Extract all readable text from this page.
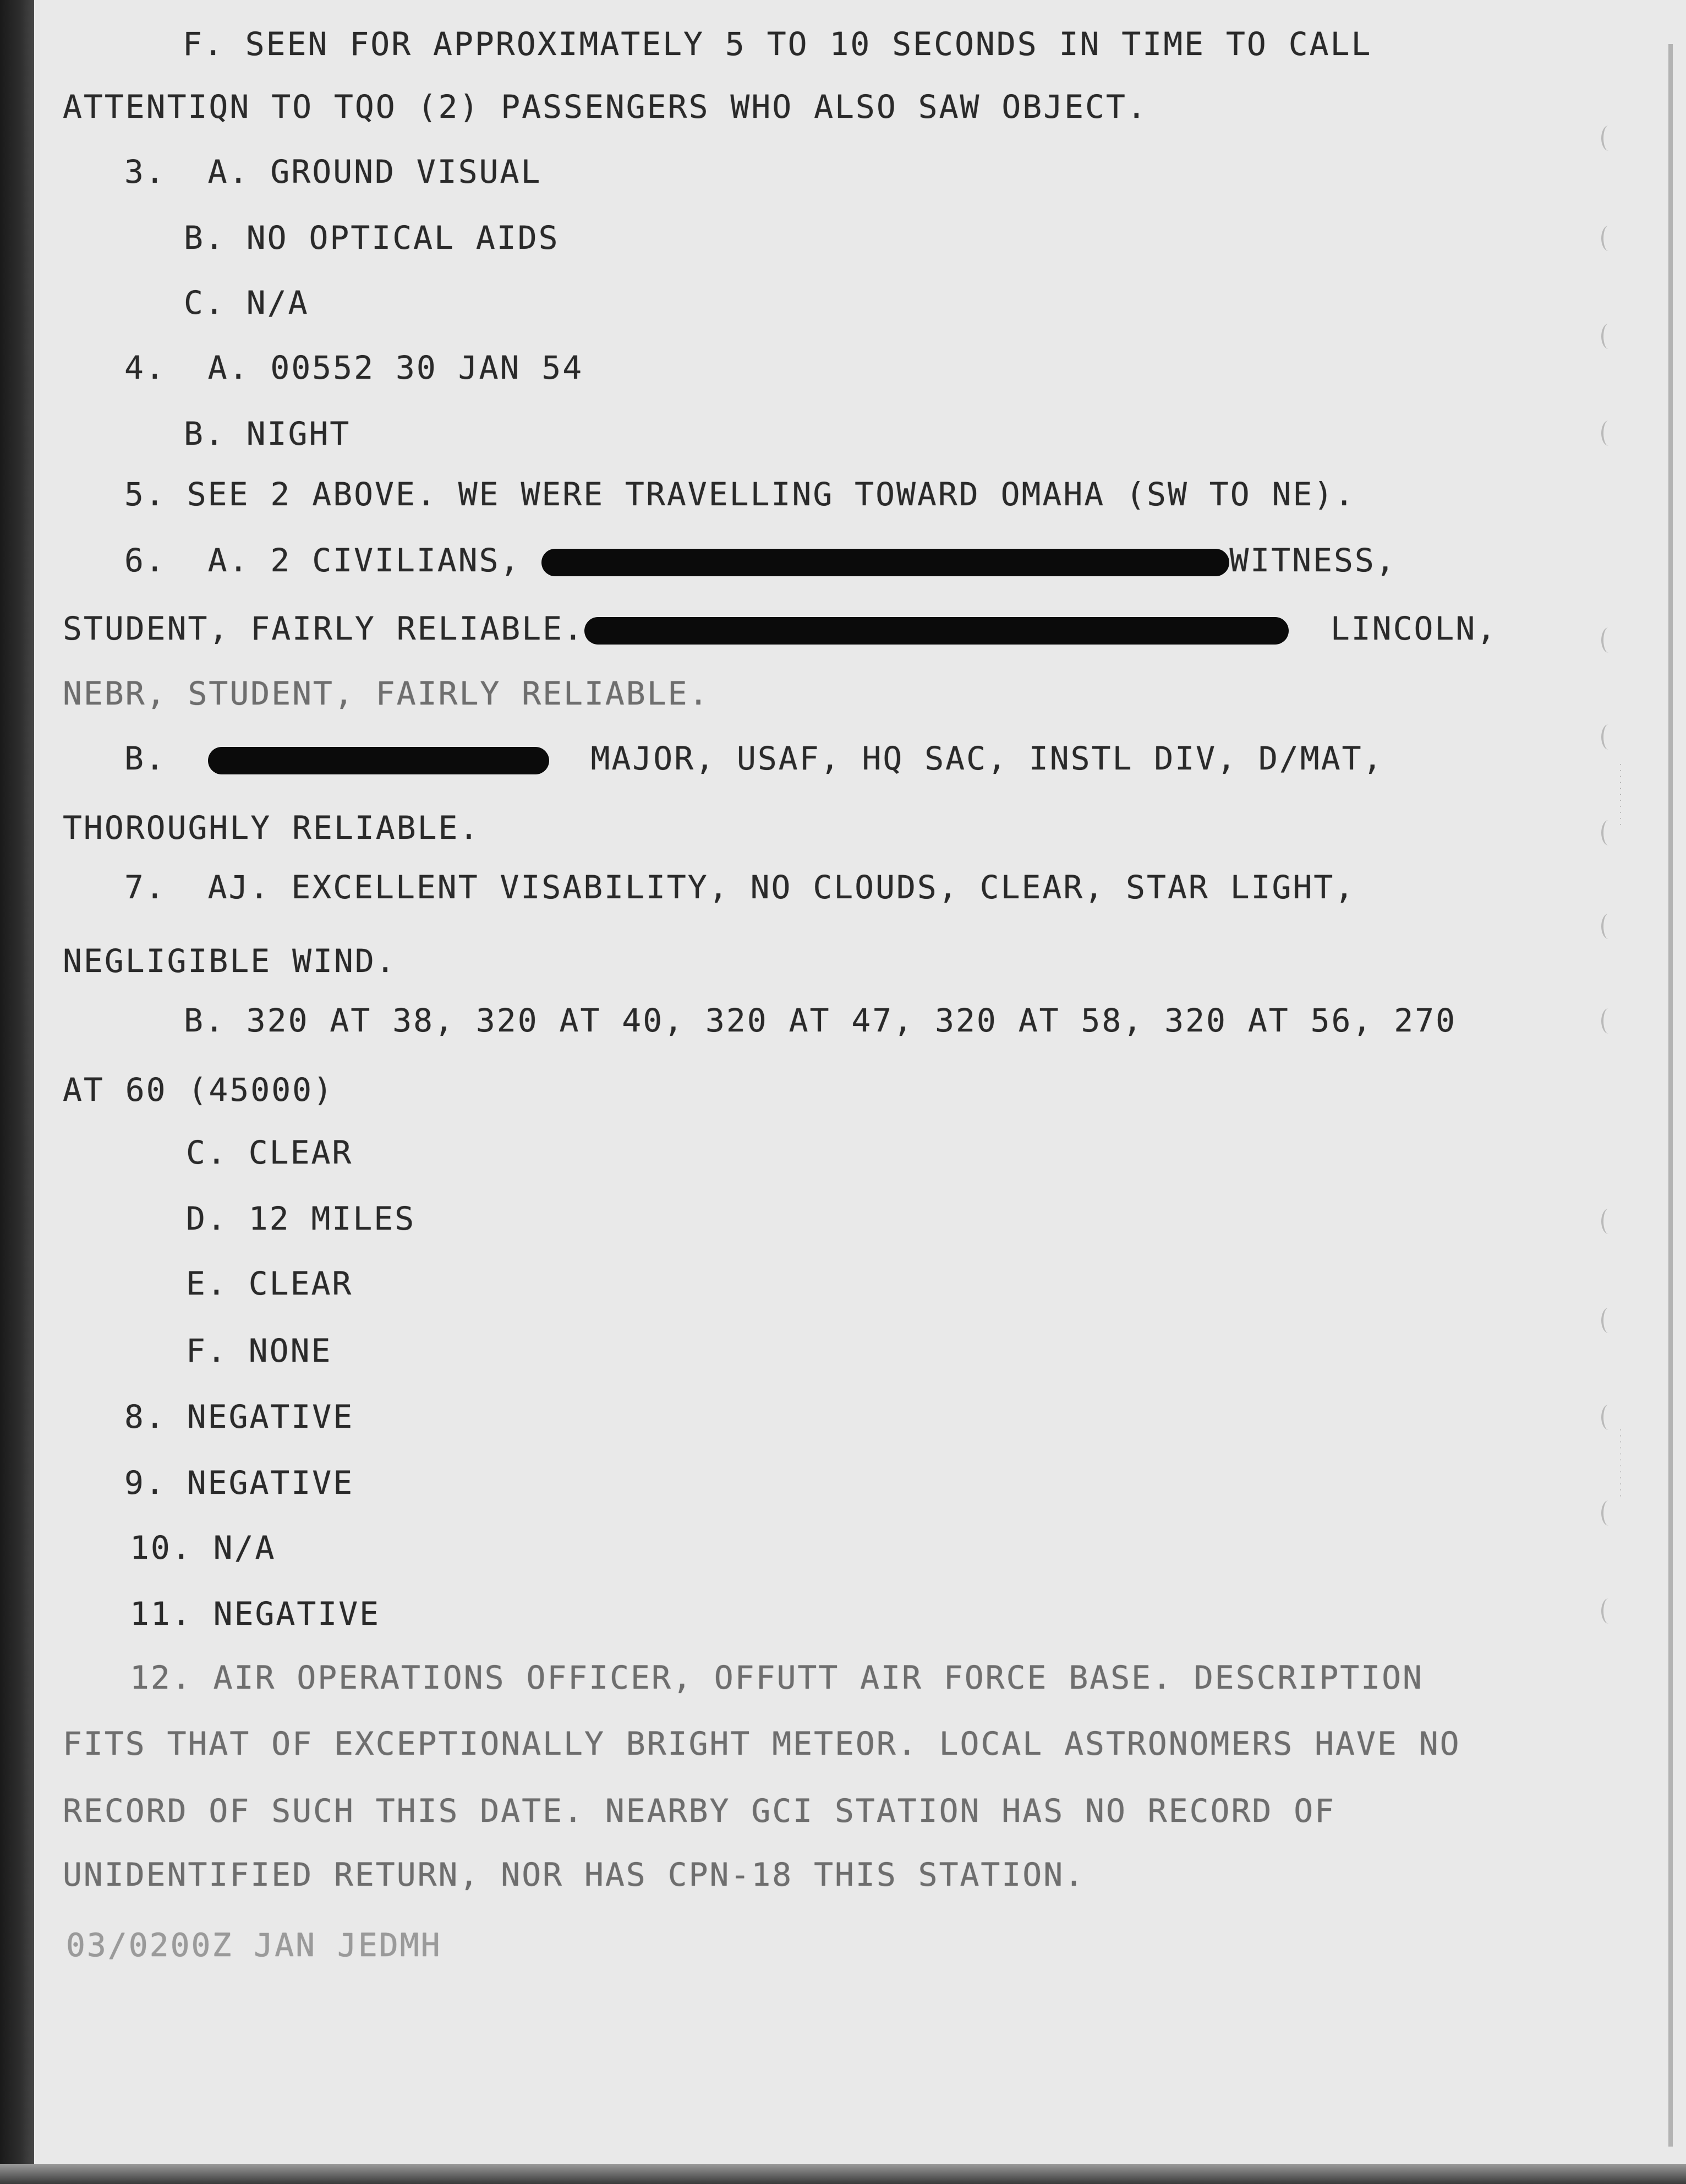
F. SEEN FOR APPROXIMATELY 5 TO 10 SECONDS IN TIME TO CALL

ATTENTIQN TO TQO (2) PASSENGERS WHO ALSO SAW OBJECT.

3.  A. GROUND VISUAL

B. NO OPTICAL AIDS

C. N/A

4.  A. 00552 30 JAN 54

B. NIGHT

5. SEE 2 ABOVE. WE WERE TRAVELLING TOWARD OMAHA (SW TO NE).

6.  A. 2 CIVILIANS,	WITNESS,

STUDENT, FAIRLY RELIABLE.	LINCOLN,

NEBR, STUDENT, FAIRLY RELIABLE.

B.	MAJOR, USAF, HQ SAC, INSTL DIV, D/MAT,

THOROUGHLY RELIABLE.

7.  AJ. EXCELLENT VISABILITY, NO CLOUDS, CLEAR, STAR LIGHT,

NEGLIGIBLE WIND.

B. 320 AT 38, 320 AT 40, 320 AT 47, 320 AT 58, 320 AT 56, 270

AT 60 (45000)

C. CLEAR

D. 12 MILES

E. CLEAR

F. NONE

8. NEGATIVE

9. NEGATIVE

10. N/A

11. NEGATIVE

12. AIR OPERATIONS OFFICER, OFFUTT AIR FORCE BASE. DESCRIPTION

FITS THAT OF EXCEPTIONALLY BRIGHT METEOR. LOCAL ASTRONOMERS HAVE NO

RECORD OF SUCH THIS DATE. NEARBY GCI STATION HAS NO RECORD OF

UNIDENTIFIED RETURN, NOR HAS CPN-18 THIS STATION.

03/0200Z JAN JEDMH

· · · · · · · · · · ·
· · · · · · · · · · · ·
